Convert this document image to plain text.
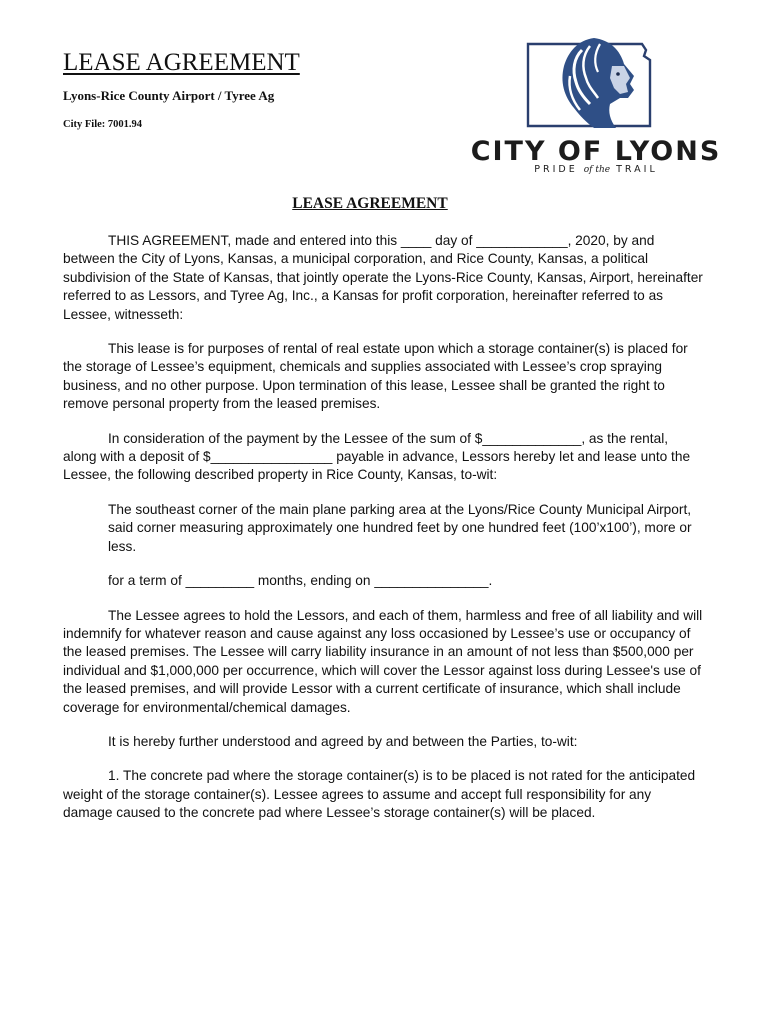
LEASE AGREEMENT
Lyons-Rice County Airport / Tyree Ag
City File: 7001.94
CITY OF LYONS
PRIDE of the TRAIL
LEASE AGREEMENT

THIS AGREEMENT, made and entered into this ____ day of ____________, 2020, by and between the City of Lyons, Kansas, a municipal corporation, and Rice County, Kansas, a political subdivision of the State of Kansas, that jointly operate the Lyons-Rice County, Kansas, Airport, hereinafter referred to as Lessors, and Tyree Ag, Inc., a Kansas for profit corporation, hereinafter referred to as Lessee, witnesseth:

This lease is for purposes of rental of real estate upon which a storage container(s) is placed for the storage of Lessee’s equipment, chemicals and supplies associated with Lessee’s crop spraying business, and no other purpose. Upon termination of this lease, Lessee shall be granted the right to remove personal property from the leased premises.

In consideration of the payment by the Lessee of the sum of $_____________, as the rental, along with a deposit of $________________ payable in advance, Lessors hereby let and lease unto the Lessee, the following described property in Rice County, Kansas, to-wit:

The southeast corner of the main plane parking area at the Lyons/Rice County Municipal Airport, said corner measuring approximately one hundred feet by one hundred feet (100’x100’), more or less.

for a term of _________ months, ending on _______________.

The Lessee agrees to hold the Lessors, and each of them, harmless and free of all liability and will indemnify for whatever reason and cause against any loss occasioned by Lessee’s use or occupancy of the leased premises. The Lessee will carry liability insurance in an amount of not less than $500,000 per individual and $1,000,000 per occurrence, which will cover the Lessor against loss during Lessee's use of the leased premises, and will provide Lessor with a current certificate of insurance, which shall include coverage for environmental/chemical damages.

It is hereby further understood and agreed by and between the Parties, to-wit:

1. The concrete pad where the storage container(s) is to be placed is not rated for the anticipated weight of the storage container(s). Lessee agrees to assume and accept full responsibility for any damage caused to the concrete pad where Lessee’s storage container(s) will be placed.
